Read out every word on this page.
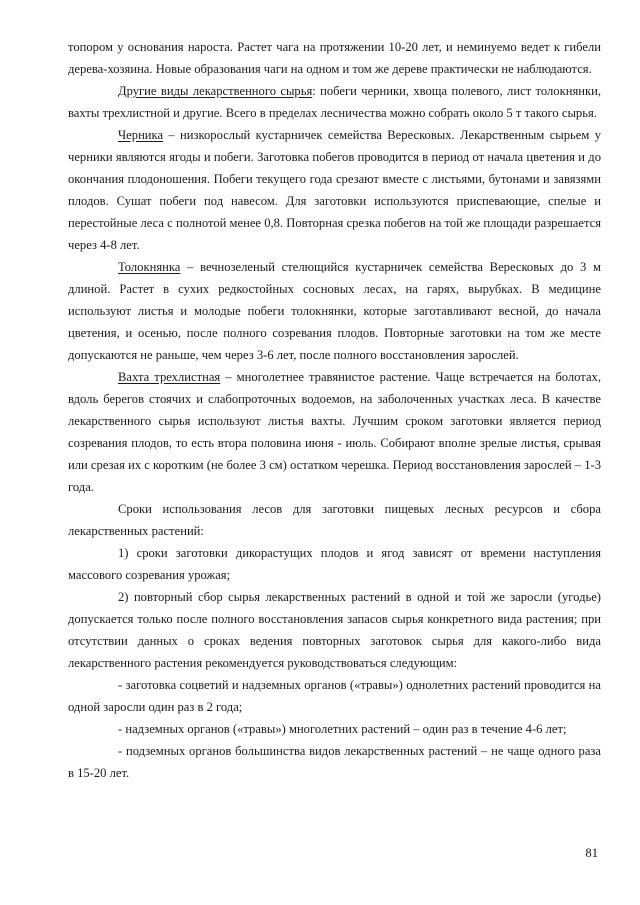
топором у основания нароста. Растет чага на протяжении 10-20 лет, и неминуемо ведет к гибели дерева-хозяина. Новые образования чаги на одном и том же дереве практически не наблюдаются.

Другие виды лекарственного сырья: побеги черники, хвоща полевого, лист толокнянки, вахты трехлистной и другие. Всего в пределах лесничества можно собрать около 5 т такого сырья.

Черника – низкорослый кустарничек семейства Вересковых. Лекарственным сырьем у черники являются ягоды и побеги. Заготовка побегов проводится в период от начала цветения и до окончания плодоношения. Побеги текущего года срезают вместе с листьями, бутонами и завязями плодов. Сушат побеги под навесом. Для заготовки используются приспевающие, спелые и перестойные леса с полнотой менее 0,8. Повторная срезка побегов на той же площади разрешается через 4-8 лет.

Толокнянка – вечнозеленый стелющийся кустарничек семейства Вересковых до 3 м длиной. Растет в сухих редкостойных сосновых лесах, на гарях, вырубках. В медицине используют листья и молодые побеги толокнянки, которые заготавливают весной, до начала цветения, и осенью, после полного созревания плодов. Повторные заготовки на том же месте допускаются не раньше, чем через 3-6 лет, после полного восстановления зарослей.

Вахта трехлистная – многолетнее травянистое растение. Чаще встречается на болотах, вдоль берегов стоячих и слабопроточных водоемов, на заболоченных участках леса. В качестве лекарственного сырья используют листья вахты. Лучшим сроком заготовки является период созревания плодов, то есть втора половина июня - июль. Собирают вполне зрелые листья, срывая или срезая их с коротким (не более 3 см) остатком черешка. Период восстановления зарослей – 1-3 года.

Сроки использования лесов для заготовки пищевых лесных ресурсов и сбора лекарственных растений:

1) сроки заготовки дикорастущих плодов и ягод зависят от времени наступления массового созревания урожая;

2) повторный сбор сырья лекарственных растений в одной и той же заросли (угодье) допускается только после полного восстановления запасов сырья конкретного вида растения; при отсутствии данных о сроках ведения повторных заготовок сырья для какого-либо вида лекарственного растения рекомендуется руководствоваться следующим:

- заготовка соцветий и надземных органов («травы») однолетних растений проводится на одной заросли один раз в 2 года;

- надземных органов («травы») многолетних растений – один раз в течение 4-6 лет;

- подземных органов большинства видов лекарственных растений – не чаще одного раза в 15-20 лет.

81
